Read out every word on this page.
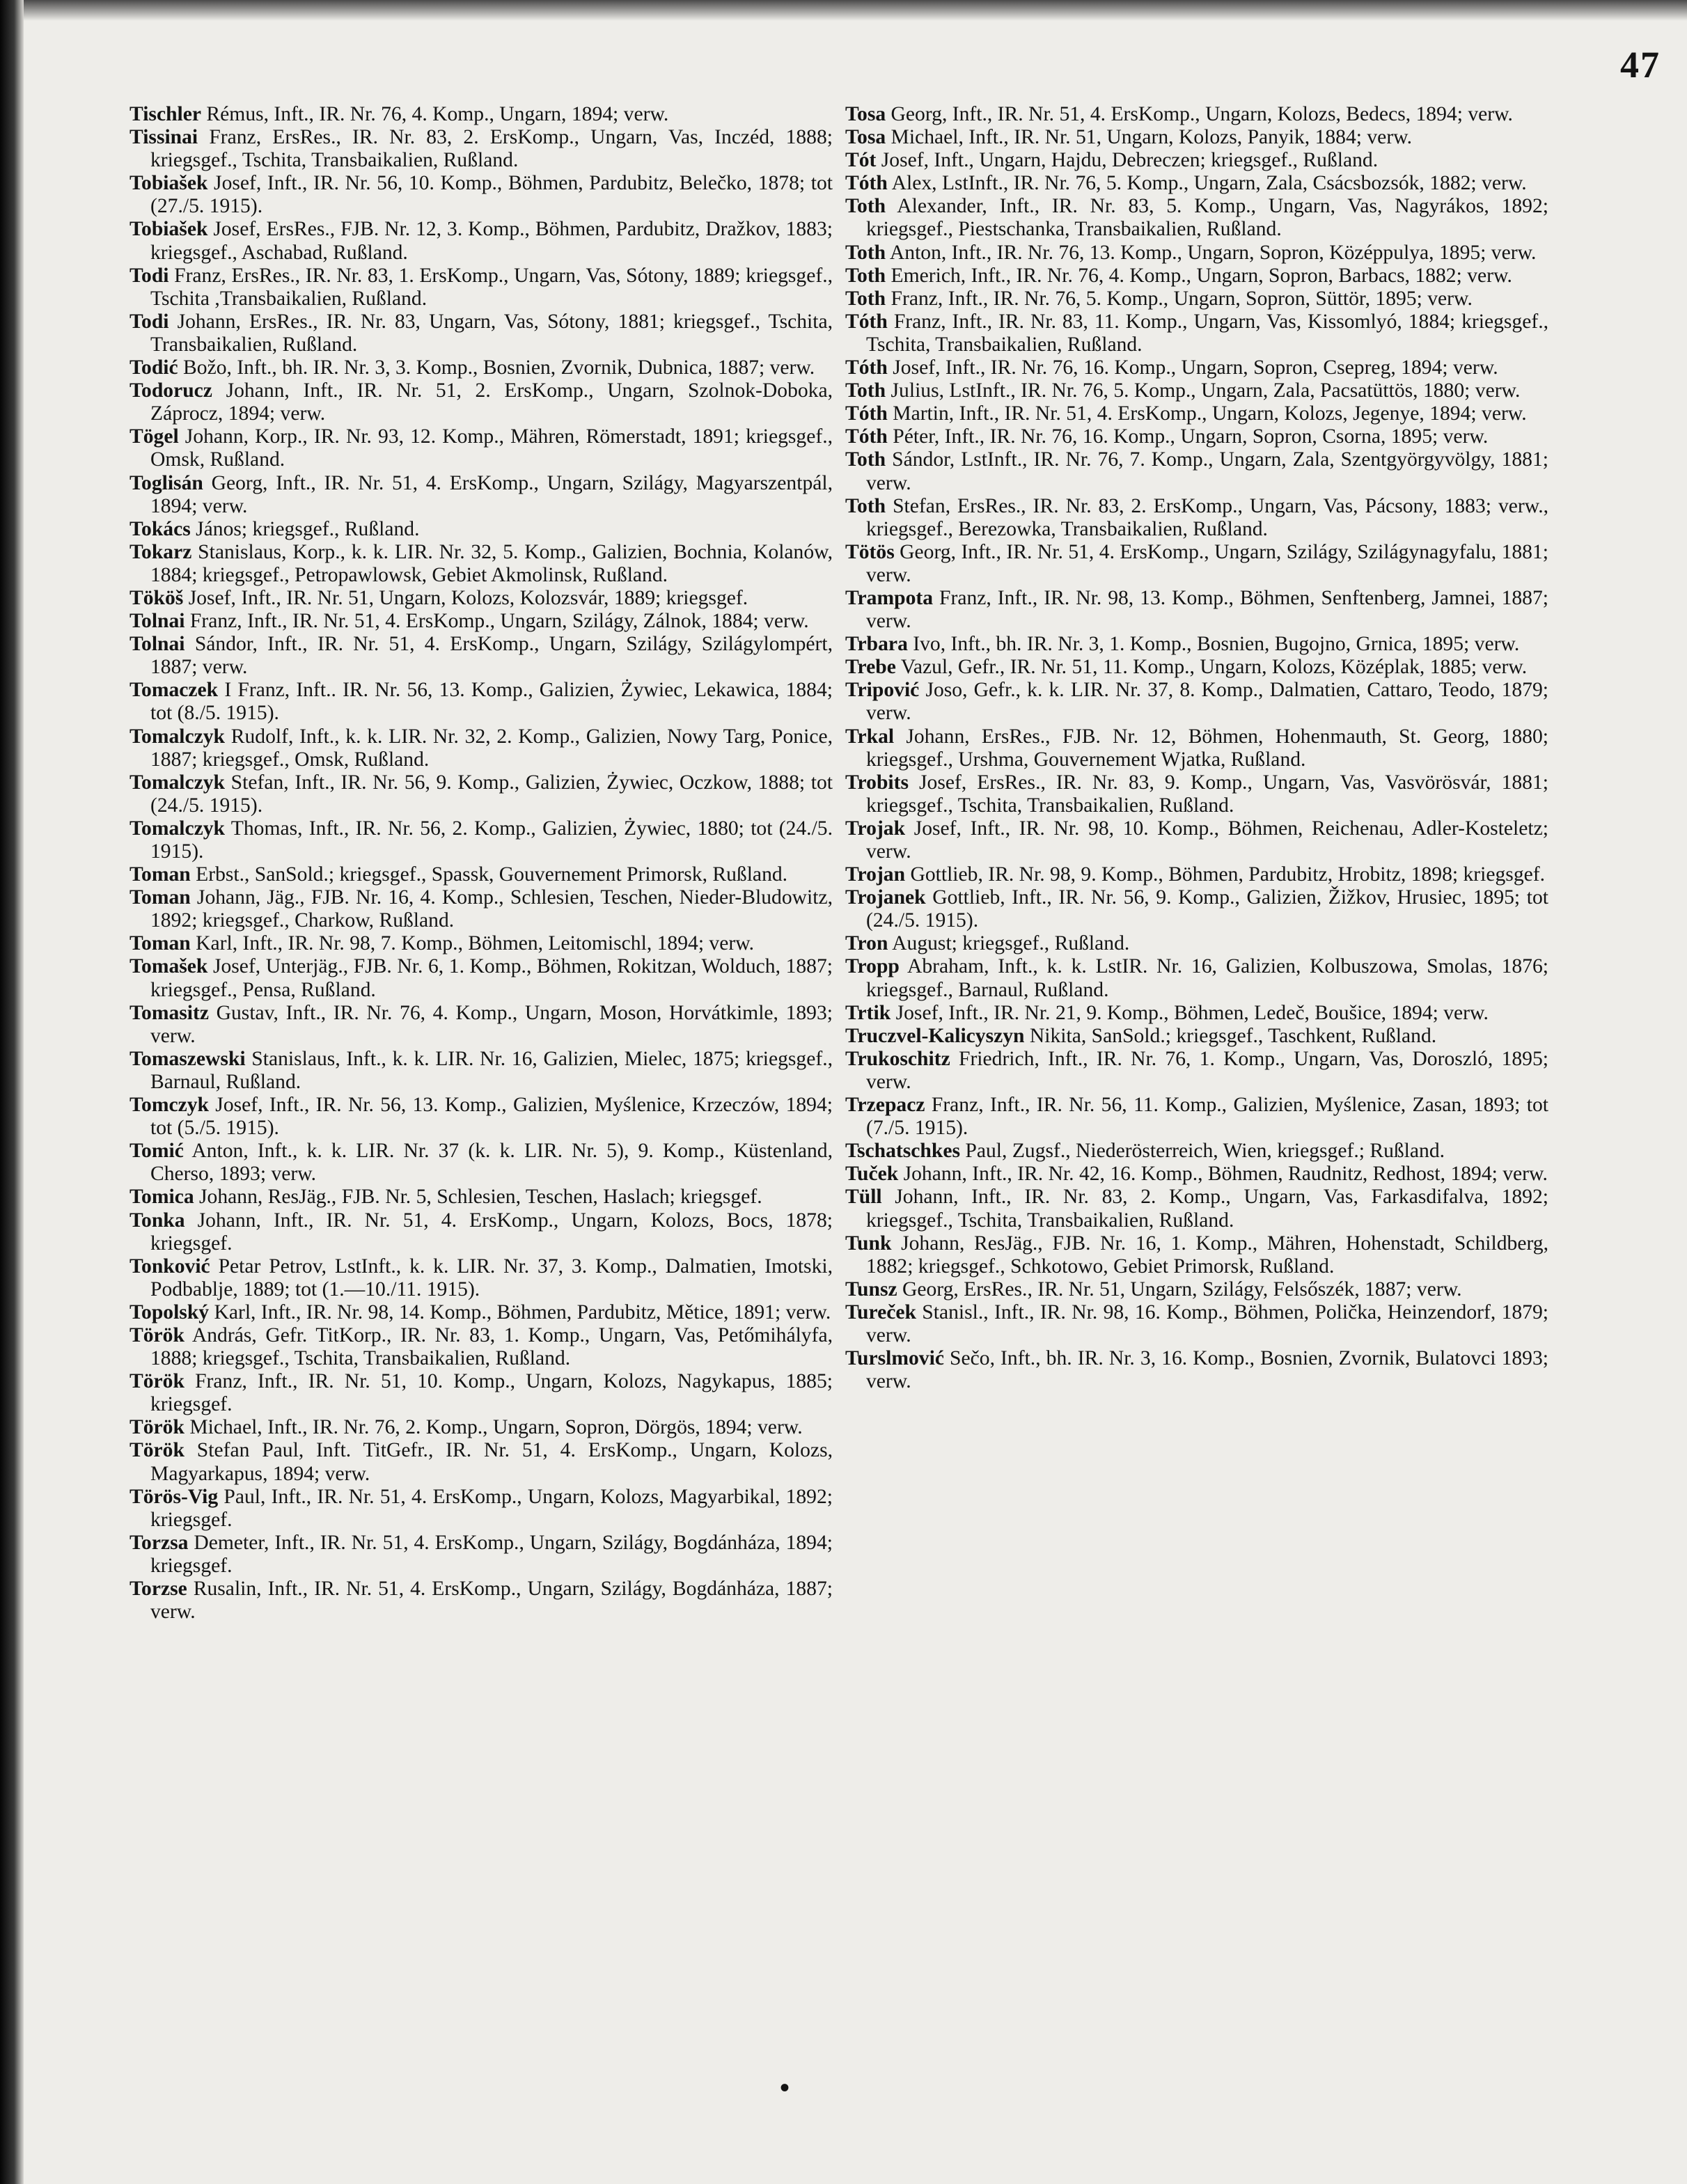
47

Tischler Rémus, Inft., IR. Nr. 76, 4. Komp., Ungarn, 1894; verw.

Tissinai Franz, ErsRes., IR. Nr. 83, 2. ErsKomp., Ungarn, Vas, Inczéd, 1888; kriegsgef., Tschita, Transbaikalien, Rußland.

Tobiašek Josef, Inft., IR. Nr. 56, 10. Komp., Böhmen, Pardubitz, Belečko, 1878; tot (27./5. 1915).

Tobiašek Josef, ErsRes., FJB. Nr. 12, 3. Komp., Böhmen, Pardubitz, Dražkov, 1883; kriegsgef., Aschabad, Rußland.

Todi Franz, ErsRes., IR. Nr. 83, 1. ErsKomp., Ungarn, Vas, Sótony, 1889; kriegsgef., Tschita ,Transbaikalien, Rußland.

Todi Johann, ErsRes., IR. Nr. 83, Ungarn, Vas, Sótony, 1881; kriegsgef., Tschita, Transbaikalien, Rußland.

Todić Božo, Inft., bh. IR. Nr. 3, 3. Komp., Bosnien, Zvornik, Dubnica, 1887; verw.

Todorucz Johann, Inft., IR. Nr. 51, 2. ErsKomp., Ungarn, Szolnok-Doboka, Záprocz, 1894; verw.

Tögel Johann, Korp., IR. Nr. 93, 12. Komp., Mähren, Römerstadt, 1891; kriegsgef., Omsk, Rußland.

Toglisán Georg, Inft., IR. Nr. 51, 4. ErsKomp., Ungarn, Szilágy, Magyarszentpál, 1894; verw.

Tokács János; kriegsgef., Rußland.

Tokarz Stanislaus, Korp., k. k. LIR. Nr. 32, 5. Komp., Galizien, Bochnia, Kolanów, 1884; kriegsgef., Petropawlowsk, Gebiet Akmolinsk, Rußland.

Tököš Josef, Inft., IR. Nr. 51, Ungarn, Kolozs, Kolozsvár, 1889; kriegsgef.

Tolnai Franz, Inft., IR. Nr. 51, 4. ErsKomp., Ungarn, Szilágy, Zálnok, 1884; verw.

Tolnai Sándor, Inft., IR. Nr. 51, 4. ErsKomp., Ungarn, Szilágy, Szilágylompért, 1887; verw.

Tomaczek I Franz, Inft.. IR. Nr. 56, 13. Komp., Galizien, Żywiec, Lekawica, 1884; tot (8./5. 1915).

Tomalczyk Rudolf, Inft., k. k. LIR. Nr. 32, 2. Komp., Galizien, Nowy Targ, Ponice, 1887; kriegsgef., Omsk, Rußland.

Tomalczyk Stefan, Inft., IR. Nr. 56, 9. Komp., Galizien, Żywiec, Oczkow, 1888; tot (24./5. 1915).

Tomalczyk Thomas, Inft., IR. Nr. 56, 2. Komp., Galizien, Żywiec, 1880; tot (24./5. 1915).

Toman Erbst., SanSold.; kriegsgef., Spassk, Gouvernement Primorsk, Rußland.

Toman Johann, Jäg., FJB. Nr. 16, 4. Komp., Schlesien, Teschen, Nieder-Bludowitz, 1892; kriegsgef., Charkow, Rußland.

Toman Karl, Inft., IR. Nr. 98, 7. Komp., Böhmen, Leitomischl, 1894; verw.

Tomašek Josef, Unterjäg., FJB. Nr. 6, 1. Komp., Böhmen, Rokitzan, Wolduch, 1887; kriegsgef., Pensa, Rußland.

Tomasitz Gustav, Inft., IR. Nr. 76, 4. Komp., Ungarn, Moson, Horvátkimle, 1893; verw.

Tomaszewski Stanislaus, Inft., k. k. LIR. Nr. 16, Galizien, Mielec, 1875; kriegsgef., Barnaul, Rußland.

Tomczyk Josef, Inft., IR. Nr. 56, 13. Komp., Galizien, Myślenice, Krzeczów, 1894; tot (5./5. 1915).

Tomić Anton, Inft., k. k. LIR. Nr. 37 (k. k. LIR. Nr. 5), 9. Komp., Küstenland, Cherso, 1893; verw.

Tomica Johann, ResJäg., FJB. Nr. 5, Schlesien, Teschen, Haslach; kriegsgef.

Tonka Johann, Inft., IR. Nr. 51, 4. ErsKomp., Ungarn, Kolozs, Bocs, 1878; kriegsgef.

Tonković Petar Petrov, LstInft., k. k. LIR. Nr. 37, 3. Komp., Dalmatien, Imotski, Podbablje, 1889; tot (1.—10./11. 1915).

Topolský Karl, Inft., IR. Nr. 98, 14. Komp., Böhmen, Pardubitz, Mětice, 1891; verw.

Török András, Gefr. TitKorp., IR. Nr. 83, 1. Komp., Ungarn, Vas, Petőmihályfa, 1888; kriegsgef., Tschita, Transbaikalien, Rußland.

Török Franz, Inft., IR. Nr. 51, 10. Komp., Ungarn, Kolozs, Nagykapus, 1885; kriegsgef.

Török Michael, Inft., IR. Nr. 76, 2. Komp., Ungarn, Sopron, Dörgös, 1894; verw.

Török Stefan Paul, Inft. TitGefr., IR. Nr. 51, 4. ErsKomp., Ungarn, Kolozs, Magyarkapus, 1894; verw.

Törös-Vig Paul, Inft., IR. Nr. 51, 4. ErsKomp., Ungarn, Kolozs, Magyarbikal, 1892; kriegsgef.

Torzsa Demeter, Inft., IR. Nr. 51, 4. ErsKomp., Ungarn, Szilágy, Bogdánháza, 1894; kriegsgef.

Torzse Rusalin, Inft., IR. Nr. 51, 4. ErsKomp., Ungarn, Szilágy, Bogdánháza, 1887; verw.

Tosa Georg, Inft., IR. Nr. 51, 4. ErsKomp., Ungarn, Kolozs, Bedecs, 1894; verw.

Tosa Michael, Inft., IR. Nr. 51, Ungarn, Kolozs, Panyik, 1884; verw.

Tót Josef, Inft., Ungarn, Hajdu, Debreczen; kriegsgef., Rußland.

Tóth Alex, LstInft., IR. Nr. 76, 5. Komp., Ungarn, Zala, Csácsbozsók, 1882; verw.

Toth Alexander, Inft., IR. Nr. 83, 5. Komp., Ungarn, Vas, Nagyrákos, 1892; kriegsgef., Piestschanka, Transbaikalien, Rußland.

Toth Anton, Inft., IR. Nr. 76, 13. Komp., Ungarn, Sopron, Középpulya, 1895; verw.

Toth Emerich, Inft., IR. Nr. 76, 4. Komp., Ungarn, Sopron, Barbacs, 1882; verw.

Toth Franz, Inft., IR. Nr. 76, 5. Komp., Ungarn, Sopron, Süttör, 1895; verw.

Tóth Franz, Inft., IR. Nr. 83, 11. Komp., Ungarn, Vas, Kissomlyó, 1884; kriegsgef., Tschita, Transbaikalien, Rußland.

Tóth Josef, Inft., IR. Nr. 76, 16. Komp., Ungarn, Sopron, Csepreg, 1894; verw.

Toth Julius, LstInft., IR. Nr. 76, 5. Komp., Ungarn, Zala, Pacsatüttös, 1880; verw.

Tóth Martin, Inft., IR. Nr. 51, 4. ErsKomp., Ungarn, Kolozs, Jegenye, 1894; verw.

Tóth Péter, Inft., IR. Nr. 76, 16. Komp., Ungarn, Sopron, Csorna, 1895; verw.

Toth Sándor, LstInft., IR. Nr. 76, 7. Komp., Ungarn, Zala, Szentgyörgyvölgy, 1881; verw.

Toth Stefan, ErsRes., IR. Nr. 83, 2. ErsKomp., Ungarn, Vas, Pácsony, 1883; verw., kriegsgef., Berezowka, Transbaikalien, Rußland.

Tötös Georg, Inft., IR. Nr. 51, 4. ErsKomp., Ungarn, Szilágy, Szilágynagyfalu, 1881; verw.

Trampota Franz, Inft., IR. Nr. 98, 13. Komp., Böhmen, Senftenberg, Jamnei, 1887; verw.

Trbara Ivo, Inft., bh. IR. Nr. 3, 1. Komp., Bosnien, Bugojno, Grnica, 1895; verw.

Trebe Vazul, Gefr., IR. Nr. 51, 11. Komp., Ungarn, Kolozs, Középlak, 1885; verw.

Tripović Joso, Gefr., k. k. LIR. Nr. 37, 8. Komp., Dalmatien, Cattaro, Teodo, 1879; verw.

Trkal Johann, ErsRes., FJB. Nr. 12, Böhmen, Hohenmauth, St. Georg, 1880; kriegsgef., Urshma, Gouvernement Wjatka, Rußland.

Trobits Josef, ErsRes., IR. Nr. 83, 9. Komp., Ungarn, Vas, Vasvörösvár, 1881; kriegsgef., Tschita, Transbaikalien, Rußland.

Trojak Josef, Inft., IR. Nr. 98, 10. Komp., Böhmen, Reichenau, Adler-Kosteletz; verw.

Trojan Gottlieb, IR. Nr. 98, 9. Komp., Böhmen, Pardubitz, Hrobitz, 1898; kriegsgef.

Trojanek Gottlieb, Inft., IR. Nr. 56, 9. Komp., Galizien, Žižkov, Hrusiec, 1895; tot (24./5. 1915).

Tron August; kriegsgef., Rußland.

Tropp Abraham, Inft., k. k. LstIR. Nr. 16, Galizien, Kolbuszowa, Smolas, 1876; kriegsgef., Barnaul, Rußland.

Trtik Josef, Inft., IR. Nr. 21, 9. Komp., Böhmen, Ledeč, Boušice, 1894; verw.

Truczvel-Kalicyszyn Nikita, SanSold.; kriegsgef., Taschkent, Rußland.

Trukoschitz Friedrich, Inft., IR. Nr. 76, 1. Komp., Ungarn, Vas, Doroszló, 1895; verw.

Trzepacz Franz, Inft., IR. Nr. 56, 11. Komp., Galizien, Myślenice, Zasan, 1893; tot (7./5. 1915).

Tschatschkes Paul, Zugsf., Niederösterreich, Wien, kriegsgef.; Rußland.

Tuček Johann, Inft., IR. Nr. 42, 16. Komp., Böhmen, Raudnitz, Redhost, 1894; verw.

Tüll Johann, Inft., IR. Nr. 83, 2. Komp., Ungarn, Vas, Farkasdifalva, 1892; kriegsgef., Tschita, Transbaikalien, Rußland.

Tunk Johann, ResJäg., FJB. Nr. 16, 1. Komp., Mähren, Hohenstadt, Schildberg, 1882; kriegsgef., Schkotowo, Gebiet Primorsk, Rußland.

Tunsz Georg, ErsRes., IR. Nr. 51, Ungarn, Szilágy, Felsőszék, 1887; verw.

Tureček Stanisl., Inft., IR. Nr. 98, 16. Komp., Böhmen, Polička, Heinzendorf, 1879; verw.

Turslmović Sečo, Inft., bh. IR. Nr. 3, 16. Komp., Bosnien, Zvornik, Bulatovci 1893; verw.

•
